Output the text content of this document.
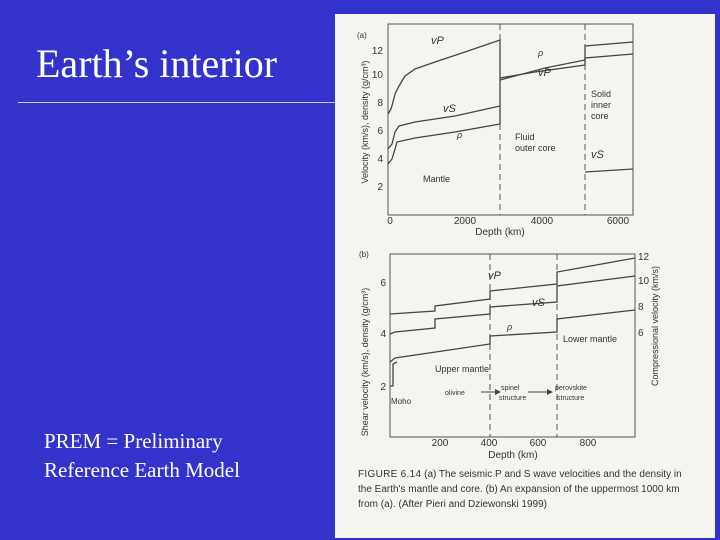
Earth’s interior
PREM = Preliminary
Reference Earth Model
(a)
2
4
6
8
10
12
0	2000	4000	6000
Depth (km)
Velocity (km/s), density (g/cm³)
vP
ρ
vP
vS
ρ
vS
Solid
inner
core
Fluid
outer core
Mantle
(b)
2
4
6
6
8
10
12
200	400	600	800
Depth (km)
Shear velocity (km/s), density (g/cm³)	Compressional velocity (km/s)
vP
vS
ρ
Upper mantle
Lower mantle
Moho
olivine
spinel
structure
perovskite
structure
FIGURE 6.14 (a) The seismic P and S wave velocities and the density in the Earth's mantle and core. (b) An expansion of the uppermost 1000 km from (a). (After Pieri and Dziewonski 1999)
